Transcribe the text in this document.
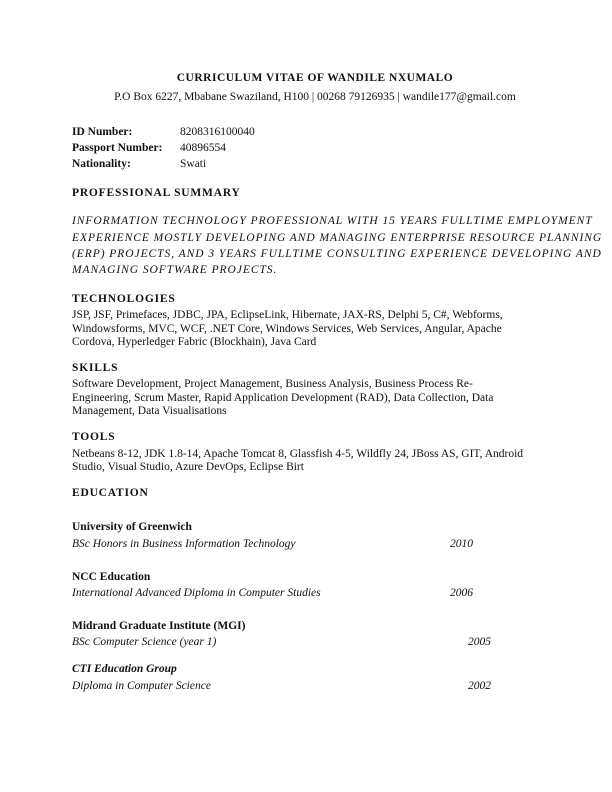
CURRICULUM VITAE OF WANDILE NXUMALO
P.O Box 6227, Mbabane Swaziland, H100 | 00268 79126935 | wandile177@gmail.com
ID Number:	8208316100040
Passport Number: 40896554
Nationality:	Swati
PROFESSIONAL SUMMARY
INFORMATION TECHNOLOGY PROFESSIONAL WITH 15 YEARS FULLTIME EMPLOYMENT
EXPERIENCE MOSTLY DEVELOPING AND MANAGING ENTERPRISE RESOURCE PLANNING
(ERP) PROJECTS, AND 3 YEARS FULLTIME CONSULTING EXPERIENCE DEVELOPING AND
MANAGING SOFTWARE PROJECTS.
TECHNOLOGIES
JSP, JSF, Primefaces, JDBC, JPA, EclipseLink, Hibernate, JAX-RS, Delphi 5, C#, Webforms,
Windowsforms, MVC, WCF, .NET Core, Windows Services, Web Services, Angular, Apache
Cordova, Hyperledger Fabric (Blockhain), Java Card
SKILLS
Software Development, Project Management, Business Analysis, Business Process Re-
Engineering, Scrum Master, Rapid Application Development (RAD), Data Collection, Data
Management, Data Visualisations
TOOLS
Netbeans 8-12, JDK 1.8-14, Apache Tomcat 8, Glassfish 4-5, Wildfly 24, JBoss AS, GIT, Android
Studio, Visual Studio, Azure DevOps, Eclipse Birt
EDUCATION
University of Greenwich
BSc Honors in Business Information Technology	2010
NCC Education
International Advanced Diploma in Computer Studies	2006
Midrand Graduate Institute (MGI)
BSc Computer Science (year 1)	2005
CTI Education Group
Diploma in Computer Science	2002
